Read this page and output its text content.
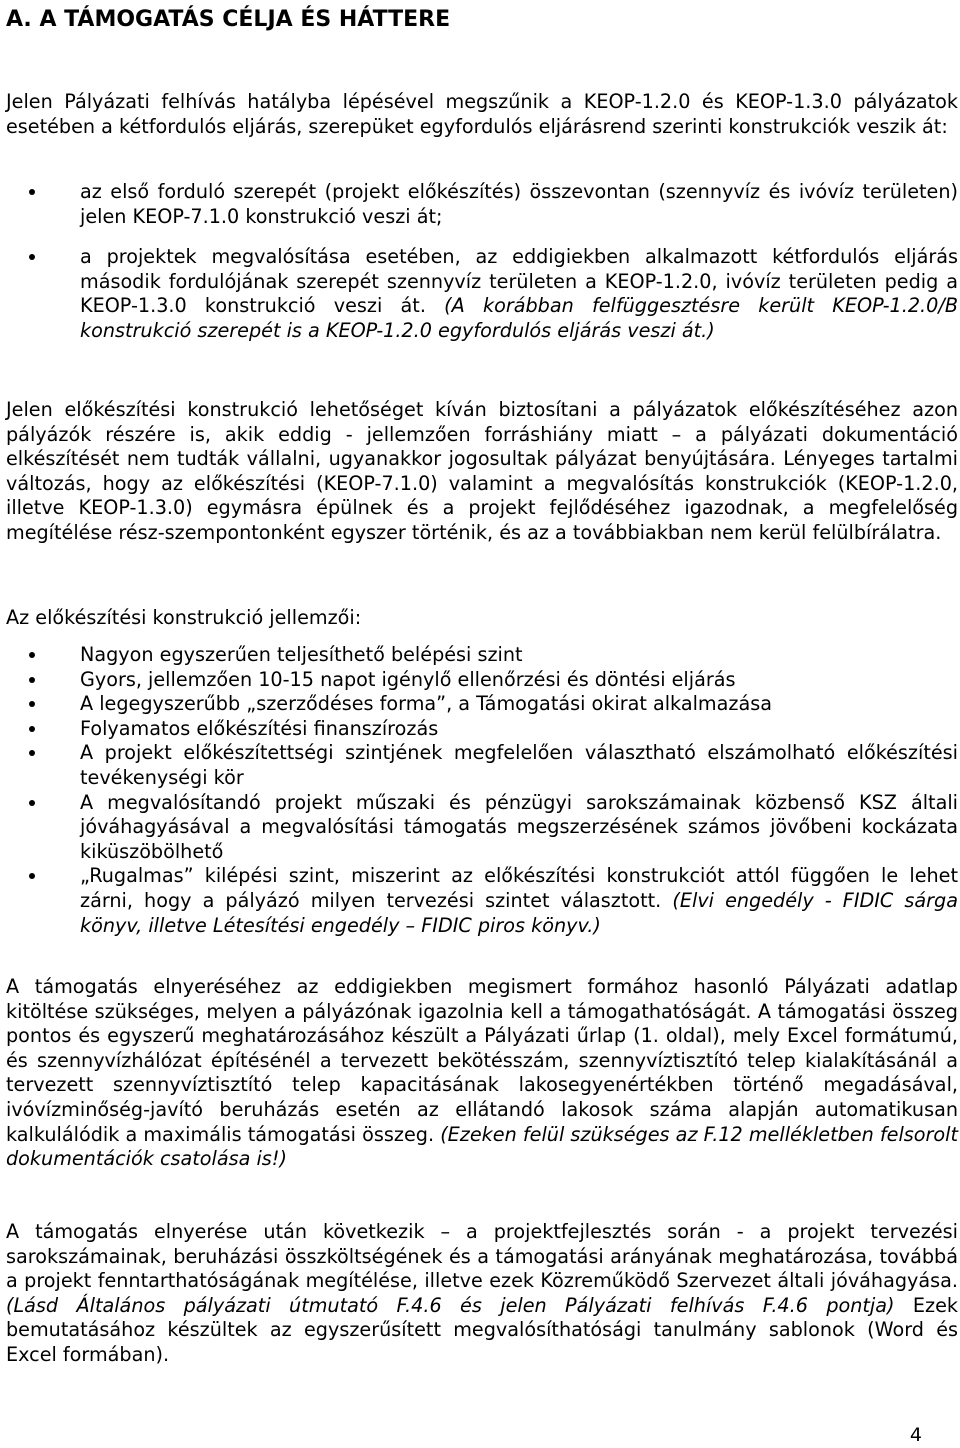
A. A TÁMOGATÁS CÉLJA ÉS HÁTTERE

Jelen Pályázati felhívás hatályba lépésével megszűnik a KEOP-1.2.0 és KEOP-1.3.0 pályázatok esetében a kétfordulós eljárás, szerepüket egyfordulós eljárásrend szerinti konstrukciók veszik át:

az első forduló szerepét (projekt előkészítés) összevontan (szennyvíz és ivóvíz területen) jelen KEOP-7.1.0 konstrukció veszi át;
a projektek megvalósítása esetében, az eddigiekben alkalmazott kétfordulós eljárás második fordulójának szerepét szennyvíz területen a KEOP-1.2.0, ivóvíz területen pedig a KEOP-1.3.0 konstrukció veszi át. (A korábban felfüggesztésre került KEOP-1.2.0/B konstrukció szerepét is a KEOP-1.2.0 egyfordulós eljárás veszi át.)

Jelen előkészítési konstrukció lehetőséget kíván biztosítani a pályázatok előkészítéséhez azon pályázók részére is, akik eddig - jellemzően forráshiány miatt – a pályázati dokumentáció elkészítését nem tudták vállalni, ugyanakkor jogosultak pályázat benyújtására. Lényeges tartalmi változás, hogy az előkészítési (KEOP-7.1.0) valamint a megvalósítás konstrukciók (KEOP-1.2.0, illetve KEOP-1.3.0) egymásra épülnek és a projekt fejlődéséhez igazodnak, a megfelelőség megítélése rész-szempontonként egyszer történik, és az a továbbiakban nem kerül felülbírálatra.

Az előkészítési konstrukció jellemzői:

Nagyon egyszerűen teljesíthető belépési szint
Gyors, jellemzően 10-15 napot igénylő ellenőrzési és döntési eljárás
A legegyszerűbb „szerződéses forma”, a Támogatási okirat alkalmazása
Folyamatos előkészítési finanszírozás
A projekt előkészítettségi szintjének megfelelően választható elszámolható előkészítési tevékenységi kör
A megvalósítandó projekt műszaki és pénzügyi sarokszámainak közbenső KSZ általi jóváhagyásával a megvalósítási támogatás megszerzésének számos jövőbeni kockázata kiküszöbölhető
„Rugalmas” kilépési szint, miszerint az előkészítési konstrukciót attól függően le lehet zárni, hogy a pályázó milyen tervezési szintet választott. (Elvi engedély - FIDIC sárga könyv, illetve Létesítési engedély – FIDIC piros könyv.)

A támogatás elnyeréséhez az eddigiekben megismert formához hasonló Pályázati adatlap kitöltése szükséges, melyen a pályázónak igazolnia kell a támogathatóságát. A támogatási összeg pontos és egyszerű meghatározásához készült a Pályázati űrlap (1. oldal), mely Excel formátumú, és szennyvízhálózat építésénél a tervezett bekötésszám, szennyvíztisztító telep kialakításánál a tervezett szennyvíztisztító telep kapacitásának lakosegyenértékben történő megadásával, ivóvízminőség-javító beruházás esetén az ellátandó lakosok száma alapján automatikusan kalkulálódik a maximális támogatási összeg. (Ezeken felül szükséges az F.12 mellékletben felsorolt dokumentációk csatolása is!)

A támogatás elnyerése után következik – a projektfejlesztés során - a projekt tervezési sarokszámainak, beruházási összköltségének és a támogatási arányának meghatározása, továbbá a projekt fenntarthatóságának megítélése, illetve ezek Közreműködő Szervezet általi jóváhagyása. (Lásd Általános pályázati útmutató F.4.6 és jelen Pályázati felhívás F.4.6 pontja) Ezek bemutatásához készültek az egyszerűsített megvalósíthatósági tanulmány sablonok (Word és Excel formában).

4
